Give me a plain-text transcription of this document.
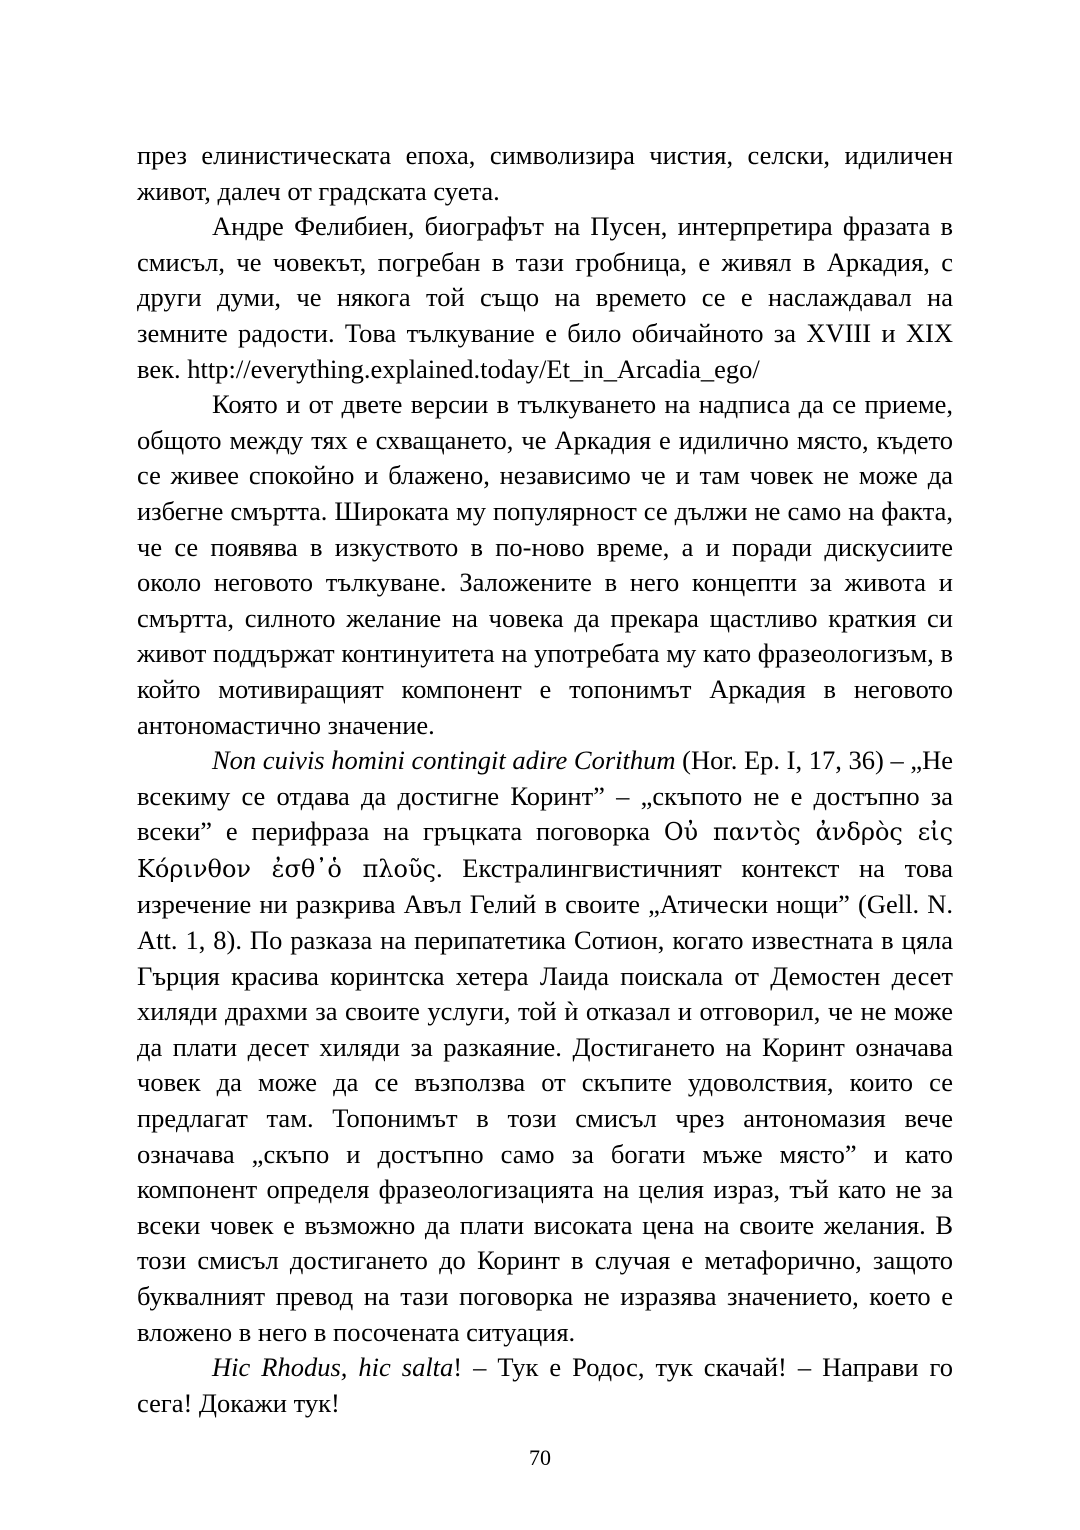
през елинистическата епоха, символизира чистия, селски, идиличен живот, далеч от градската суета.

Андре Фелибиен, биографът на Пусен, интерпретира фразата в смисъл, че човекът, погребан в тази гробница, е живял в Аркадия, с други думи, че някога той също на времето се е наслаждавал на земните радости. Това тълкувание е било обичайното за XVIII и XIX век. http://everything.explained.today/Et_in_Arcadia_ego/

Която и от двете версии в тълкуването на надписа да се приеме, общото между тях е схващането, че Аркадия е идилично място, където се живее спокойно и блажено, независимо че и там човек не може да избегне смъртта. Широката му популярност се дължи не само на факта, че се появява в изкуството в по-ново време, а и поради дискусиите около неговото тълкуване. Заложените в него концепти за живота и смъртта, силното желание на човека да прекара щастливо краткия си живот поддържат континуитета на употребата му като фразеологизъм, в който мотивиращият компонент е топонимът Аркадия в неговото антономастично значение.

Non cuivis homini contingit adire Corithum (Hor. Ep. I, 17, 36) – „Не всекиму се отдава да достигне Коринт” – „скъпото не е достъпно за всеки” е перифраза на гръцката поговорка Οὐ παντὸς ἀνδρὸς εἰς Κόρινθον ἐσθ᾽ὁ πλοῦς. Екстралингвистичният контекст на това изречение ни разкрива Авъл Гелий в своите „Атически нощи” (Gell. N. Att. 1, 8). По разказа на перипатетика Сотион, когато известната в цяла Гърция красива коринтска хетера Лаида поискала от Демостен десет хиляди драхми за своите услуги, той ѝ отказал и отговорил, че не може да плати десет хиляди за разкаяние. Достигането на Коринт означава човек да може да се възползва от скъпите удоволствия, които се предлагат там. Топонимът в този смисъл чрез антономазия вече означава „скъпо и достъпно само за богати мъже място” и като компонент определя фразеологизацията на целия израз, тъй като не за всеки човек е възможно да плати високата цена на своите желания. В този смисъл достигането до Коринт в случая е метафорично, защото буквалният превод на тази поговорка не изразява значението, което е вложено в него в посочената ситуация.

Hic Rhodus, hic salta! – Тук е Родос, тук скачай! – Направи го сега! Докажи тук!

70
